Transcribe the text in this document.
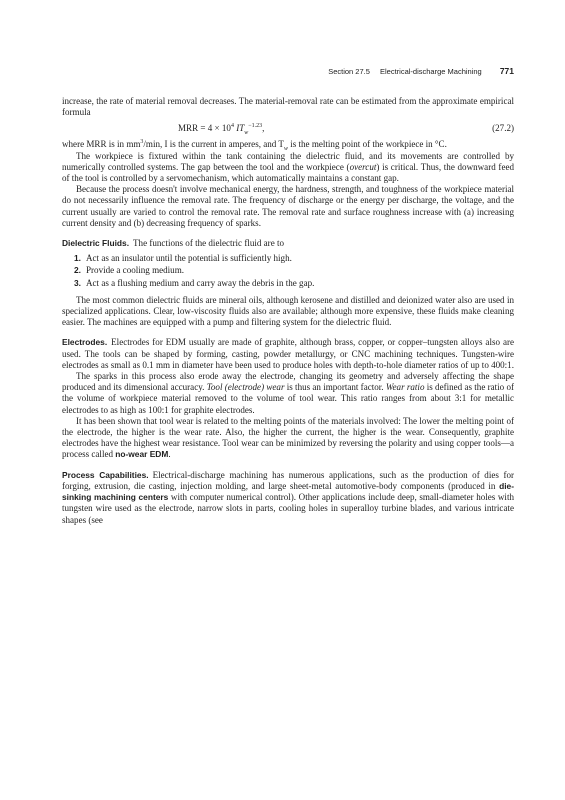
Section 27.5 Electrical-discharge Machining 771

increase, the rate of material removal decreases. The material-removal rate can be estimated from the approximate empirical formula

MRR = $4 \times 10^4$ $IT_w^{-1.23}$,	(27.2)

where MRR is in $mm^3/\min$, I is the current in amperes, and $T_w$ is the melting point of the workpiece in °C.

The workpiece is fixtured within the tank containing the dielectric fluid, and its movements are controlled by numerically controlled systems. The gap between the tool and the workpiece (overcut) is critical. Thus, the downward feed of the tool is controlled by a servomechanism, which automatically maintains a constant gap.

Because the process doesn't involve mechanical energy, the hardness, strength, and toughness of the workpiece material do not necessarily influence the removal rate. The frequency of discharge or the energy per discharge, the voltage, and the current usually are varied to control the removal rate. The removal rate and surface roughness increase with (a) increasing current density and (b) decreasing frequency of sparks.

Dielectric Fluids. The functions of the dielectric fluid are to

1. Act as an insulator until the potential is sufficiently high.
2. Provide a cooling medium.
3. Act as a flushing medium and carry away the debris in the gap.

The most common dielectric fluids are mineral oils, although kerosene and distilled and deionized water also are used in specialized applications. Clear, low-viscosity fluids also are available; although more expensive, these fluids make cleaning easier. The machines are equipped with a pump and filtering system for the dielectric fluid.

Electrodes. Electrodes for EDM usually are made of graphite, although brass, copper, or copper–tungsten alloys also are used. The tools can be shaped by forming, casting, powder metallurgy, or CNC machining techniques. Tungsten-wire electrodes as small as 0.1 mm in diameter have been used to produce holes with depth-to-hole diameter ratios of up to 400:1.

The sparks in this process also erode away the electrode, changing its geometry and adversely affecting the shape produced and its dimensional accuracy. Tool (electrode) wear is thus an important factor. Wear ratio is defined as the ratio of the volume of workpiece material removed to the volume of tool wear. This ratio ranges from about 3:1 for metallic electrodes to as high as 100:1 for graphite electrodes.

It has been shown that tool wear is related to the melting points of the materials involved: The lower the melting point of the electrode, the higher is the wear rate. Also, the higher the current, the higher is the wear. Consequently, graphite electrodes have the highest wear resistance. Tool wear can be minimized by reversing the polarity and using copper tools—a process called no-wear EDM.

Process Capabilities. Electrical-discharge machining has numerous applications, such as the production of dies for forging, extrusion, die casting, injection molding, and large sheet-metal automotive-body components (produced in die-sinking machining centers with computer numerical control). Other applications include deep, small-diameter holes with tungsten wire used as the electrode, narrow slots in parts, cooling holes in superalloy turbine blades, and various intricate shapes (see
